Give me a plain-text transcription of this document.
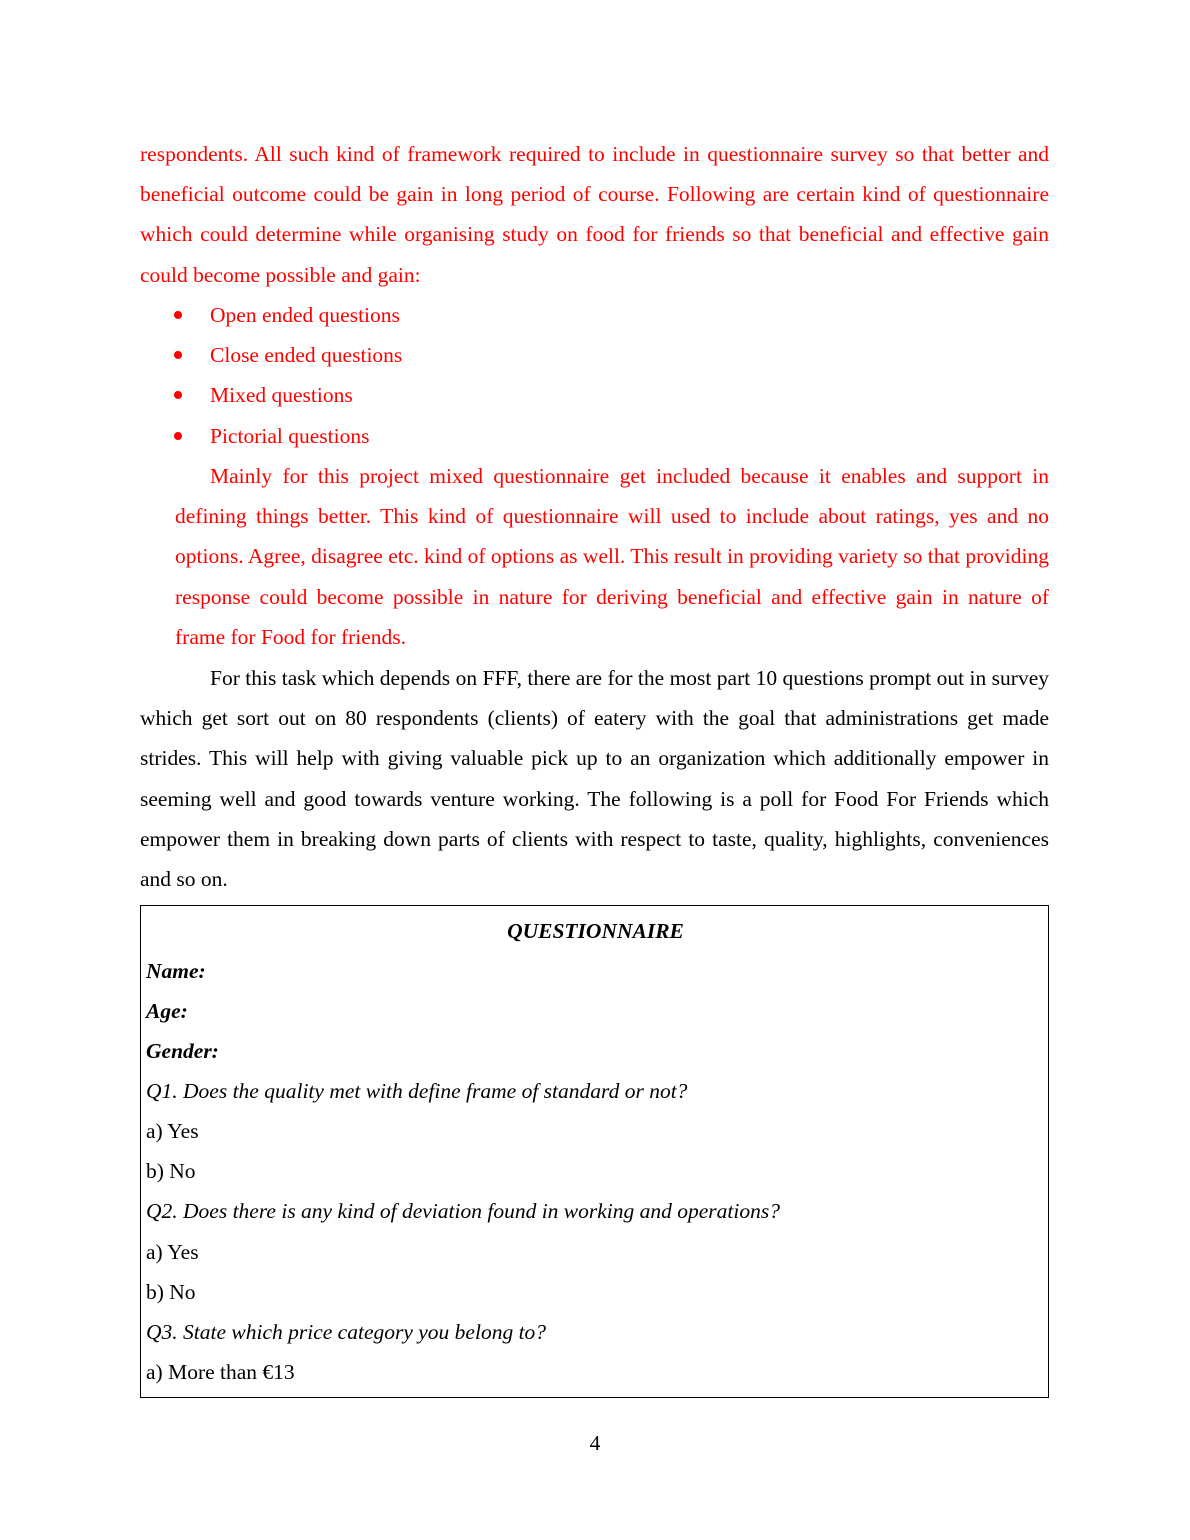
respondents. All such kind of framework required to include in questionnaire survey so that better and beneficial outcome could be gain in long period of course. Following are certain kind of questionnaire which could determine while organising study on food for friends so that beneficial and effective gain could become possible and gain:

Open ended questions
Close ended questions
Mixed questions
Pictorial questions

Mainly for this project mixed questionnaire get included because it enables and support in defining things better. This kind of questionnaire will used to include about ratings, yes and no options. Agree, disagree etc. kind of options as well. This result in providing variety so that providing response could become possible in nature for deriving beneficial and effective gain in nature of frame for Food for friends.

For this task which depends on FFF, there are for the most part 10 questions prompt out in survey which get sort out on 80 respondents (clients) of eatery with the goal that administrations get made strides. This will help with giving valuable pick up to an organization which additionally empower in seeming well and good towards venture working. The following is a poll for Food For Friends which empower them in breaking down parts of clients with respect to taste, quality, highlights, conveniences and so on.

QUESTIONNAIRE
Name:
Age:
Gender:
Q1. Does the quality met with define frame of standard or not?
a) Yes
b) No
Q2. Does there is any kind of deviation found in working and operations?
a) Yes
b) No
Q3. State which price category you belong to?
a) More than €13
4
